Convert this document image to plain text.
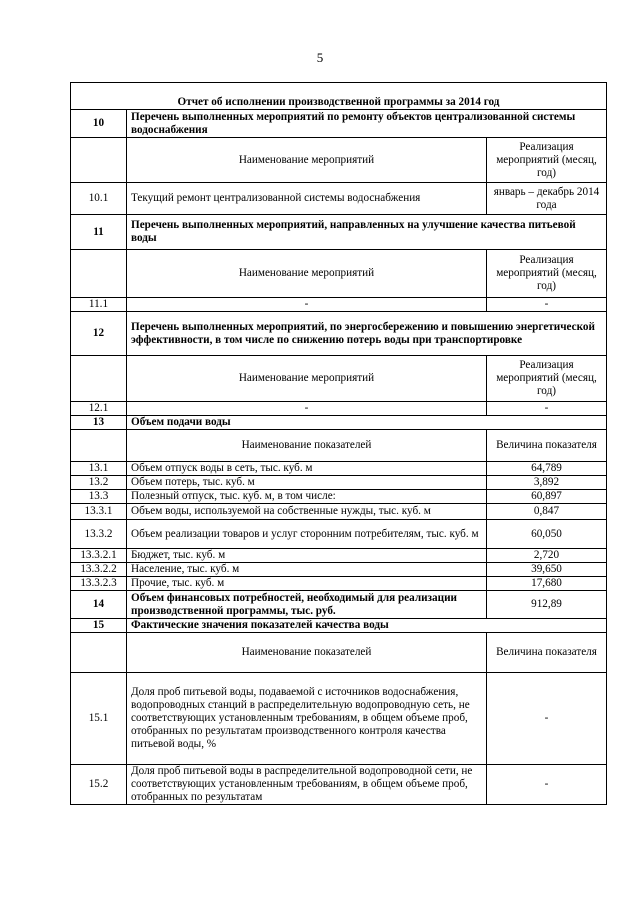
5
Отчет об исполнении производственной программы за 2014 год		
10	Перечень выполненных мероприятий по ремонту объектов централизованной системы водоснабжения	
	Наименование мероприятий	Реализация мероприятий (месяц, год)
10.1	Текущий ремонт централизованной системы водоснабжения	январь – декабрь 2014 года
11	Перечень выполненных мероприятий, направленных на улучшение качества питьевой воды	
	Наименование мероприятий	Реализация мероприятий (месяц, год)
11.1	-	-
12	Перечень выполненных мероприятий, по энергосбережению и повышению энергетической эффективности, в том числе по снижению потерь воды при транспортировке	
	Наименование мероприятий	Реализация мероприятий (месяц, год)
12.1	-	-
13	Объем подачи воды	
	Наименование показателей	Величина показателя
13.1	Объем отпуск воды в сеть, тыс. куб. м	64,789
13.2	Объем потерь, тыс. куб. м	3,892
13.3	Полезный отпуск, тыс. куб. м, в том числе:	60,897
13.3.1	Объем воды, используемой на собственные нужды, тыс. куб. м	0,847
13.3.2	Объем реализации товаров и услуг сторонним потребителям, тыс. куб. м	60,050
13.3.2.1	Бюджет, тыс. куб. м	2,720
13.3.2.2	Население, тыс. куб. м	39,650
13.3.2.3	Прочие, тыс. куб. м	17,680
14	Объем финансовых потребностей, необходимый для реализации производственной программы, тыс. руб.	912,89
15	Фактические значения показателей качества воды	
	Наименование показателей	Величина показателя
15.1	Доля проб питьевой воды, подаваемой с источников водоснабжения, водопроводных станций в распределительную водопроводную сеть, не соответствующих установленным требованиям, в общем объеме проб, отобранных по результатам производственного контроля качества питьевой воды, %	-
15.2	Доля проб питьевой воды в распределительной водопроводной сети, не соответствующих установленным требованиям, в общем объеме проб, отобранных по результатам	-
